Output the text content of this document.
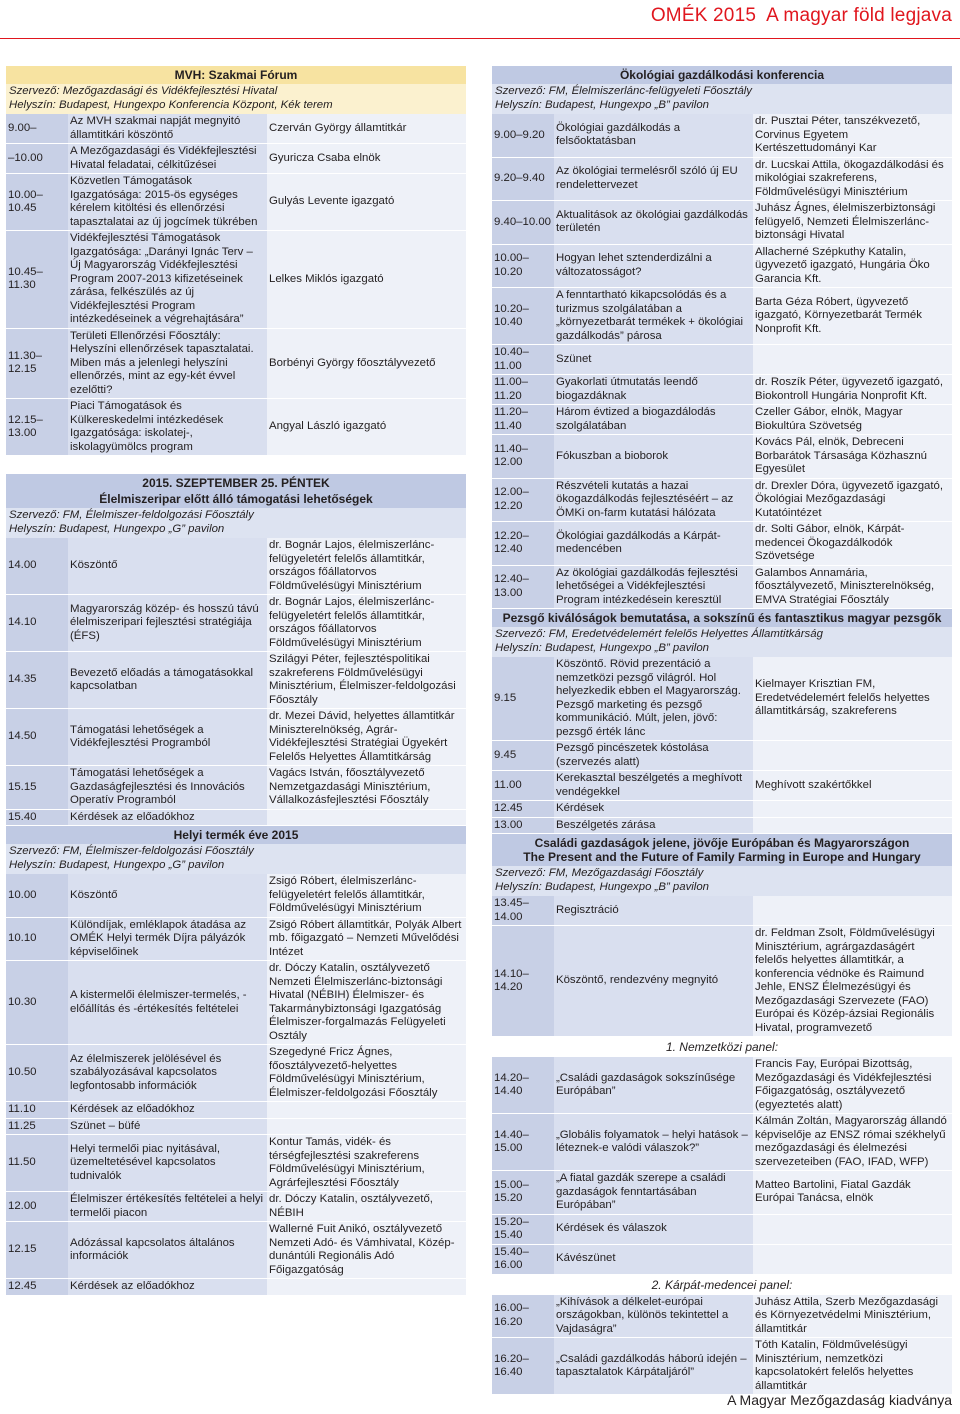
OMÉK 2015 A magyar föld legjava
MVH: Szakmai Fórum
Szervező: Mezőgazdasági és Vidékfejlesztési Hivatal
Helyszín: Budapest, Hungexpo Konferencia Központ, Kék terem
9.00–	Az MVH szakmai napját megnyitó államtitkári köszöntő	Czerván György államtitkár
–10.00	A Mezőgazdasági és Vidékfejlesztési Hivatal feladatai, célkitűzései	Gyuricza Csaba elnök
10.00–10.45	Közvetlen Támogatások Igazgatósága: 2015-ös egységes kérelem kitöltési és ellenőrzési tapasztalatai az új jogcímek tükrében	Gulyás Levente igazgató
10.45–11.30	Vidékfejlesztési Támogatások Igazgatósága: „Darányi Ignác Terv – Új Magyarország Vidékfejlesztési Program 2007-2013 kifizetéseinek zárása, felkészülés az új Vidékfejlesztési Program intézkedéseinek a végrehajtására”	Lelkes Miklós igazgató
11.30–12.15	Területi Ellenőrzési Főosztály: Helyszíni ellenőrzések tapasztalatai. Miben más a jelenlegi helyszíni ellenőrzés, mint az egy-két évvel ezelőtti?	Borbényi György főosztályvezető
12.15–13.00	Piaci Támogatások és Külkereskedelmi intézkedések Igazgatósága: iskolatej-, iskolagyümölcs program	Angyal László igazgató
2015. SZEPTEMBER 25. PÉNTEK
Élelmiszeripar előtt álló támogatási lehetőségek
Szervező: FM, Élelmiszer-feldolgozási Főosztály
Helyszín: Budapest, Hungexpo „G” pavilon
14.00	Köszöntő	dr. Bognár Lajos, élelmiszerlánc-felügyeletért felelős államtitkár, országos főállatorvos Földművelésügyi Minisztérium
14.10	Magyarország közép- és hosszú távú élelmiszeripari fejlesztési stratégiája (ÉFS)	dr. Bognár Lajos, élelmiszerlánc-felügyeletért felelős államtitkár, országos főállatorvos Földművelésügyi Minisztérium
14.35	Bevezető előadás a támogatásokkal kapcsolatban	Szilágyi Péter, fejlesztéspolitikai szakreferens Földművelésügyi Minisztérium, Élelmiszer-feldolgozási Főosztály
14.50	Támogatási lehetőségek a Vidékfejlesztési Programból	dr. Mezei Dávid, helyettes államtitkár Miniszterelnökség, Agrár-Vidékfejlesztési Stratégiai Ügyekért Felelős Helyettes Államtitkárság
15.15	Támogatási lehetőségek a Gazdaságfejlesztési és Innovációs Operatív Programból	Vagács István, főosztályvezető Nemzetgazdasági Minisztérium, Vállalkozásfejlesztési Főosztály
15.40	Kérdések az előadókhoz	
Helyi termék éve 2015
Szervező: FM, Élelmiszer-feldolgozási Főosztály
Helyszín: Budapest, Hungexpo „G” pavilon
10.00	Köszöntő	Zsigó Róbert, élelmiszerlánc-felügyeletért felelős államtitkár, Földművelésügyi Minisztérium
10.10	Különdíjak, emléklapok átadása az OMÉK Helyi termék Díjra pályázók képviselőinek	Zsigó Róbert államtitkár, Polyák Albert mb. főigazgató – Nemzeti Művelődési Intézet
10.30	A kistermelői élelmiszer-termelés, -előállítás és -értékesítés feltételei	dr. Dóczy Katalin, osztályvezető Nemzeti Élelmiszerlánc-biztonsági Hivatal (NÉBIH) Élelmiszer- és Takarmánybiztonsági Igazgatóság Élelmiszer-forgalmazás Felügyeleti Osztály
10.50	Az élelmiszerek jelölésével és szabályozásával kapcsolatos legfontosabb információk	Szegedyné Fricz Ágnes, főosztályvezető-helyettes Földművelésügyi Minisztérium, Élelmiszer-feldolgozási Főosztály
11.10	Kérdések az előadókhoz	
11.25	Szünet – büfé	
11.50	Helyi termelői piac nyitásával, üzemeltetésével kapcsolatos tudnivalók	Kontur Tamás, vidék- és térségfejlesztési szakreferens Földművelésügyi Minisztérium, Agrárfejlesztési Főosztály
12.00	Élelmiszer értékesítés feltételei a helyi termelői piacon	dr. Dóczy Katalin, osztályvezető, NÉBIH
12.15	Adózással kapcsolatos általános információk	Wallerné Fuit Anikó, osztályvezető Nemzeti Adó- és Vámhivatal, Közép-dunántúli Regionális Adó Főigazgatóság
12.45	Kérdések az előadókhoz	
Ökológiai gazdálkodási konferencia
Szervező: FM, Élelmiszerlánc-felügyeleti Főosztály
Helyszín: Budapest, Hungexpo „B” pavilon
9.00–9.20	Ökológiai gazdálkodás a felsőoktatásban	dr. Pusztai Péter, tanszékvezető, Corvinus Egyetem Kertészettudományi Kar
9.20–9.40	Az ökológiai termelésről szóló új EU rendelettervezet	dr. Lucskai Attila, ökogazdálkodási és mikológiai szakreferens, Földművelésügyi Minisztérium
9.40–10.00	Aktualitások az ökológiai gazdálkodás területén	Juhász Ágnes, élelmiszerbiztonsági felügyelő, Nemzeti Élelmiszerlánc-biztonsági Hivatal
10.00–10.20	Hogyan lehet sztenderdizálni a változatosságot?	Allacherné Szépkuthy Katalin, ügyvezető igazgató, Hungária Öko Garancia Kft.
10.20–10.40	A fenntartható kikapcsolódás és a turizmus szolgálatában a „környezetbarát termékek + ökológiai gazdálkodás” párosa	Barta Géza Róbert, ügyvezető igazgató, Környezetbarát Termék Nonprofit Kft.
10.40–11.00	Szünet	
11.00–11.20	Gyakorlati útmutatás leendő biogazdáknak	dr. Roszík Péter, ügyvezető igazgató, Biokontroll Hungária Nonprofit Kft.
11.20–11.40	Három évtized a biogazdálodás szolgálatában	Czeller Gábor, elnök, Magyar Biokultúra Szövetség
11.40–12.00	Fókuszban a bioborok	Kovács Pál, elnök, Debreceni Borbarátok Társasága Közhasznú Egyesület
12.00–12.20	Részvételi kutatás a hazai ökogazdálkodás fejlesztéséért – az ÖMKi on-farm kutatási hálózata	dr. Drexler Dóra, ügyvezető igazgató, Ökológiai Mezőgazdasági Kutatóintézet
12.20–12.40	Ökológiai gazdálkodás a Kárpát-medencében	dr. Solti Gábor, elnök, Kárpát-medencei Ökogazdálkodók Szövetsége
12.40–13.00	Az ökológiai gazdálkodás fejlesztési lehetőségei a Vidékfejlesztési Program intézkedésein keresztül	Galambos Annamária, főosztályvezető, Miniszterelnökség, EMVA Stratégiai Főosztály
Pezsgő kiválóságok bemutatása, a sokszínű és fantasztikus magyar pezsgők
Szervező: FM, Eredetvédelemért felelős Helyettes Államtitkárság
Helyszín: Budapest, Hungexpo „B” pavilon
9.15	Köszöntő. Rövid prezentáció a nemzetközi pezsgő világról. Hol helyezkedik ebben el Magyarország. Pezsgő marketing és pezsgő kommunikáció. Múlt, jelen, jövő: pezsgő érték lánc	Kielmayer Krisztian FM, Eredetvédelemért felelős helyettes államtitkárság, szakreferens
9.45	Pezsgő pincészetek kóstolása (szervezés alatt)	
11.00	Kerekasztal beszélgetés a meghívott vendégekkel	Meghívott szakértőkkel
12.45	Kérdések	
13.00	Beszélgetés zárása	
Családi gazdaságok jelene, jövője Európában és Magyarországon
The Present and the Future of Family Farming in Europe and Hungary
Szervező: FM, Mezőgazdasági Főosztály
Helyszín: Budapest, Hungexpo „B” pavilon
13.45–14.00	Regisztráció	
14.10–14.20	Köszöntő, rendezvény megnyitó	dr. Feldman Zsolt, Földművelésügyi Minisztérium, agrárgazdaságért felelős helyettes államtitkár, a konferencia védnöke és Raimund Jehle, ENSZ Élelmezésügyi és Mezőgazdasági Szervezete (FAO) Európai és Közép-ázsiai Regionális Hivatal, programvezető
1. Nemzetközi panel:
14.20–14.40	„Családi gazdaságok sokszínűsége Európában”	Francis Fay, Európai Bizottság, Mezőgazdasági és Vidékfejlesztési Főigazgatóság, osztályvezető (egyeztetés alatt)
14.40–15.00	„Globális folyamatok – helyi hatások – léteznek-e valódi válaszok?”	Kálmán Zoltán, Magyarország állandó képviselője az ENSZ római székhelyű mezőgazdasági és élelmezési szervezeteiben (FAO, IFAD, WFP)
15.00–15.20	„A fiatal gazdák szerepe a családi gazdaságok fenntartásában Európában”	Matteo Bartolini, Fiatal Gazdák Európai Tanácsa, elnök
15.20–15.40	Kérdések és válaszok	
15.40–16.00	Kávészünet	
2. Kárpát-medencei panel:
16.00–16.20	„Kihívások a délkelet-európai országokban, különös tekintettel a Vajdaságra”	Juhász Attila, Szerb Mezőgazdasági és Környezetvédelmi Minisztérium, államtitkár
16.20–16.40	„Családi gazdálkodás háború idején – tapasztalatok Kárpátaljáról”	Tóth Katalin, Földművelésügyi Minisztérium, nemzetközi kapcsolatokért felelős helyettes államtitkár
A Magyar Mezőgazdaság kiadványa
